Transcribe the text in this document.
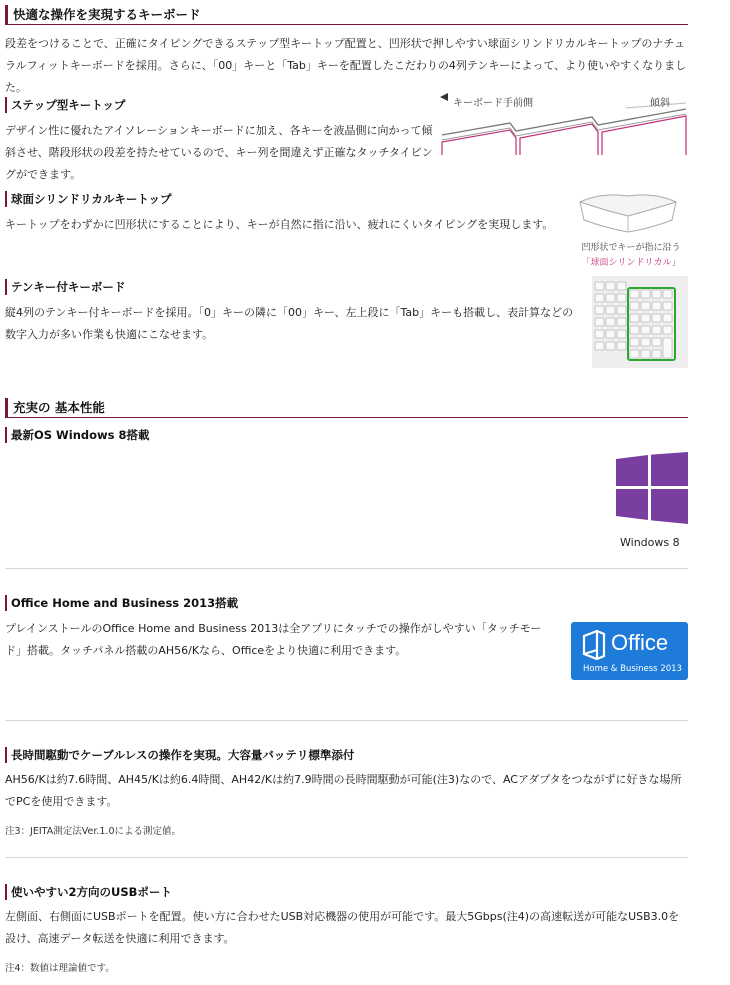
快適な操作を実現するキーボード
段差をつけることで、正確にタイピングできるステップ型キートップ配置と、凹形状で押しやすい球面シリンドリカルキートップのナチュラルフィットキーボードを採用。さらに、「00」キーと「Tab」キーを配置したこだわりの4列テンキーによって、より使いやすくなりました。
ステップ型キートップ
デザイン性に優れたアイソレーションキーボードに加え、各キーを液晶側に向かって傾斜させ、階段形状の段差を持たせているので、キー列を間違えず正確なタッチタイピングができます。
キーボード手前側	傾斜
球面シリンドリカルキートップ
キートップをわずかに凹形状にすることにより、キーが自然に指に沿い、疲れにくいタイピングを実現します。
凹形状でキーが指に沿う
「球面シリンドリカル」
テンキー付キーボード
縦4列のテンキー付キーボードを採用。「0」キーの隣に「00」キー、左上段に「Tab」キーも搭載し、表計算などの数字入力が多い作業も快適にこなせます。
充実の 基本性能
最新OS Windows 8搭載
Windows 8
Office Home and Business 2013搭載
プレインストールのOffice Home and Business 2013は全アプリにタッチでの操作がしやすい「タッチモード」搭載。タッチパネル搭載のAH56/Kなら、Officeをより快適に利用できます。	Office
Home & Business 2013
長時間駆動でケーブルレスの操作を実現。大容量バッテリ標準添付
AH56/Kは約7.6時間、AH45/Kは約6.4時間、AH42/Kは約7.9時間の長時間駆動が可能(注3)なので、ACアダプタをつながずに好きな場所でPCを使用できます。
注3：JEITA測定法Ver.1.0による測定値。
使いやすい2方向のUSBポート
左側面、右側面にUSBポートを配置。使い方に合わせたUSB対応機器の使用が可能です。最大5Gbps(注4)の高速転送が可能なUSB3.0を設け、高速データ転送を快適に利用できます。
注4：数値は理論値です。
